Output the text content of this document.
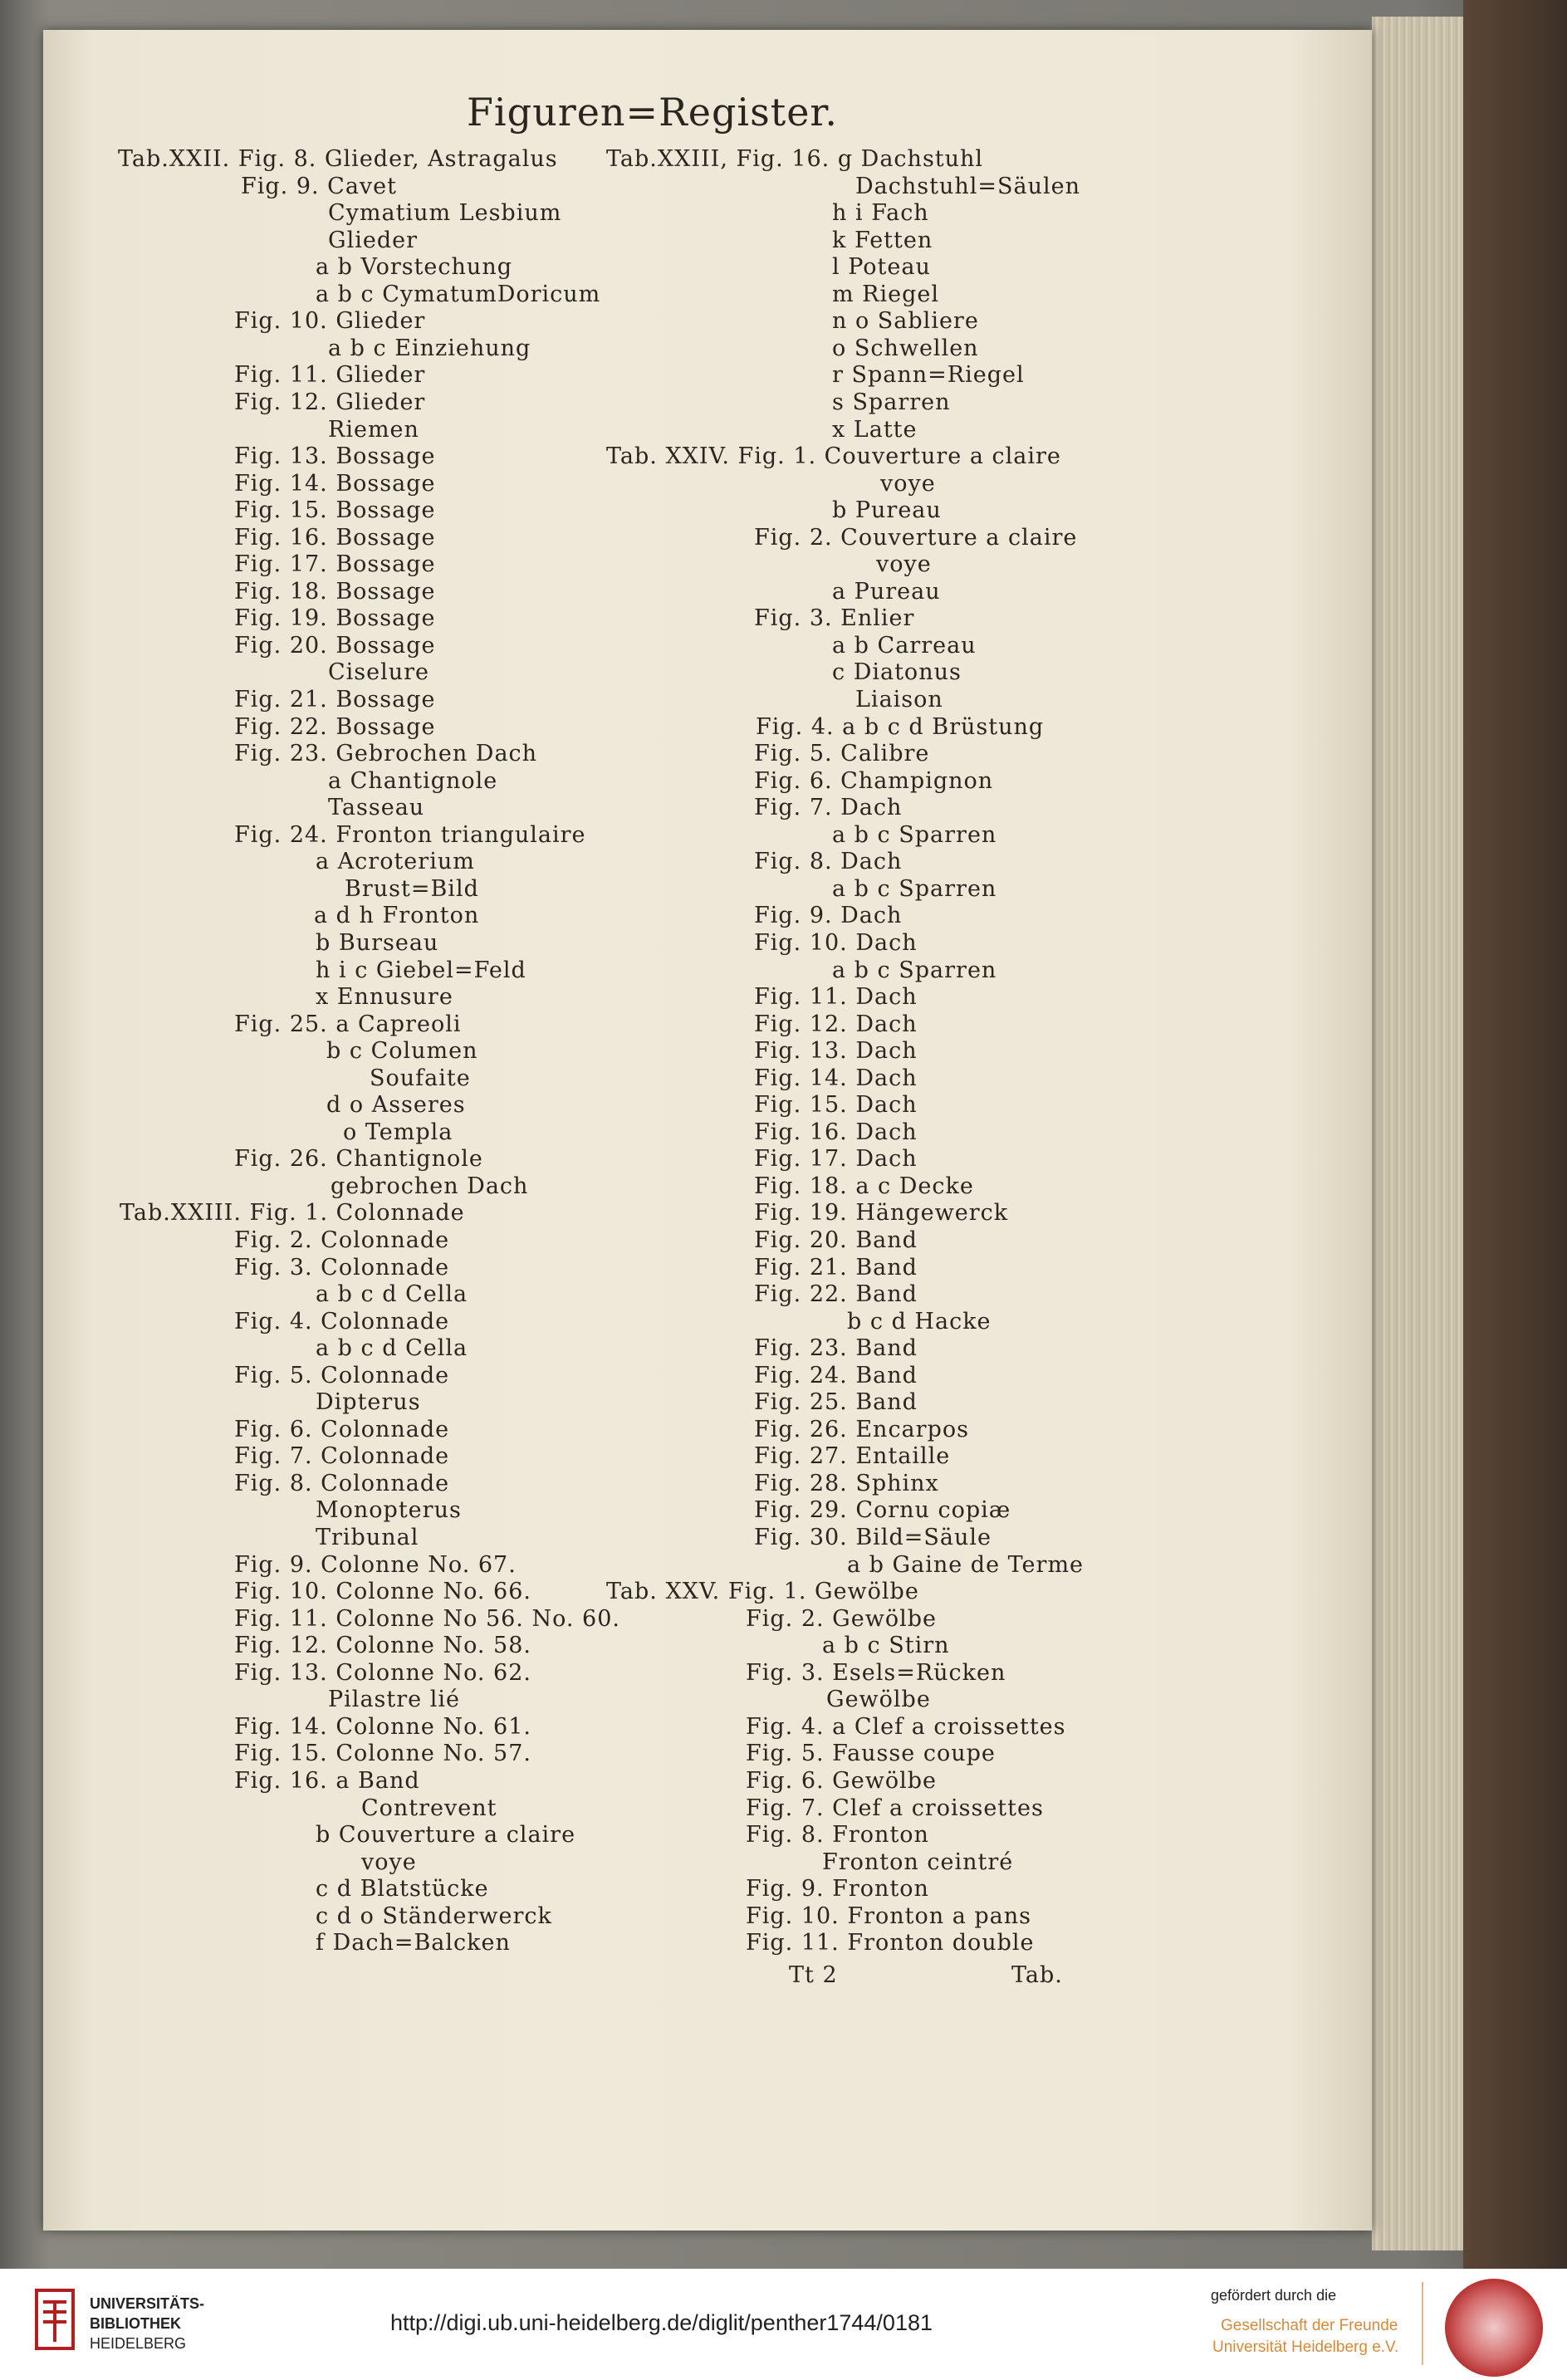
Figuren=Register.
Tab.XXII. Fig. 8. Glieder, Astragalus
Fig. 9. Cavet
Cymatium Lesbium
Glieder
a b Vorstechung
a b c CymatumDoricum
Fig. 10. Glieder
a b c Einziehung
Fig. 11. Glieder
Fig. 12. Glieder
Riemen
Fig. 13. Bossage
Fig. 14. Bossage
Fig. 15. Bossage
Fig. 16. Bossage
Fig. 17. Bossage
Fig. 18. Bossage
Fig. 19. Bossage
Fig. 20. Bossage
Ciselure
Fig. 21. Bossage
Fig. 22. Bossage
Fig. 23. Gebrochen Dach
a Chantignole
Tasseau
Fig. 24. Fronton triangulaire
a Acroterium
Brust=Bild
a d h Fronton
b Burseau
h i c Giebel=Feld
x Ennusure
Fig. 25. a Capreoli
b c Columen
Soufaite
d o Asseres
o Templa
Fig. 26. Chantignole
gebrochen Dach
Tab.XXIII. Fig. 1. Colonnade
Fig. 2. Colonnade
Fig. 3. Colonnade
a b c d Cella
Fig. 4. Colonnade
a b c d Cella
Fig. 5. Colonnade
Dipterus
Fig. 6. Colonnade
Fig. 7. Colonnade
Fig. 8. Colonnade
Monopterus
Tribunal
Fig. 9. Colonne No. 67.
Fig. 10. Colonne No. 66.
Fig. 11. Colonne No 56. No. 60.
Fig. 12. Colonne No. 58.
Fig. 13. Colonne No. 62.
Pilastre lié
Fig. 14. Colonne No. 61.
Fig. 15. Colonne No. 57.
Fig. 16. a Band
Contrevent
b Couverture a claire
voye
c d Blatstücke
c d o Ständerwerck
f Dach=Balcken
Tab.XXIII, Fig. 16. g Dachstuhl
Dachstuhl=Säulen
h i Fach
k Fetten
l Poteau
m Riegel
n o Sabliere
o Schwellen
r Spann=Riegel
s Sparren
x Latte
Tab. XXIV. Fig. 1. Couverture a claire
voye
b Pureau
Fig. 2. Couverture a claire
voye
a Pureau
Fig. 3. Enlier
a b Carreau
c Diatonus
Liaison
Fig. 4. a b c d Brüstung
Fig. 5. Calibre
Fig. 6. Champignon
Fig. 7. Dach
a b c Sparren
Fig. 8. Dach
a b c Sparren
Fig. 9. Dach
Fig. 10. Dach
a b c Sparren
Fig. 11. Dach
Fig. 12. Dach
Fig. 13. Dach
Fig. 14. Dach
Fig. 15. Dach
Fig. 16. Dach
Fig. 17. Dach
Fig. 18. a c Decke
Fig. 19. Hängewerck
Fig. 20. Band
Fig. 21. Band
Fig. 22. Band
b c d Hacke
Fig. 23. Band
Fig. 24. Band
Fig. 25. Band
Fig. 26. Encarpos
Fig. 27. Entaille
Fig. 28. Sphinx
Fig. 29. Cornu copiæ
Fig. 30. Bild=Säule
a b Gaine de Terme
Tab. XXV. Fig. 1. Gewölbe
Fig. 2. Gewölbe
a b c Stirn
Fig. 3. Esels=Rücken
Gewölbe
Fig. 4. a Clef a croissettes
Fig. 5. Fausse coupe
Fig. 6. Gewölbe
Fig. 7. Clef a croissettes
Fig. 8. Fronton
Fronton ceintré
Fig. 9. Fronton
Fig. 10. Fronton a pans
Fig. 11. Fronton double
Tt 2	Tab.
UNIVERSITÄTS-
BIBLIOTHEK
HEIDELBERG
http://digi.ub.uni-heidelberg.de/diglit/penther1744/0181
gefördert durch die
Gesellschaft der Freunde
Universität Heidelberg e.V.
